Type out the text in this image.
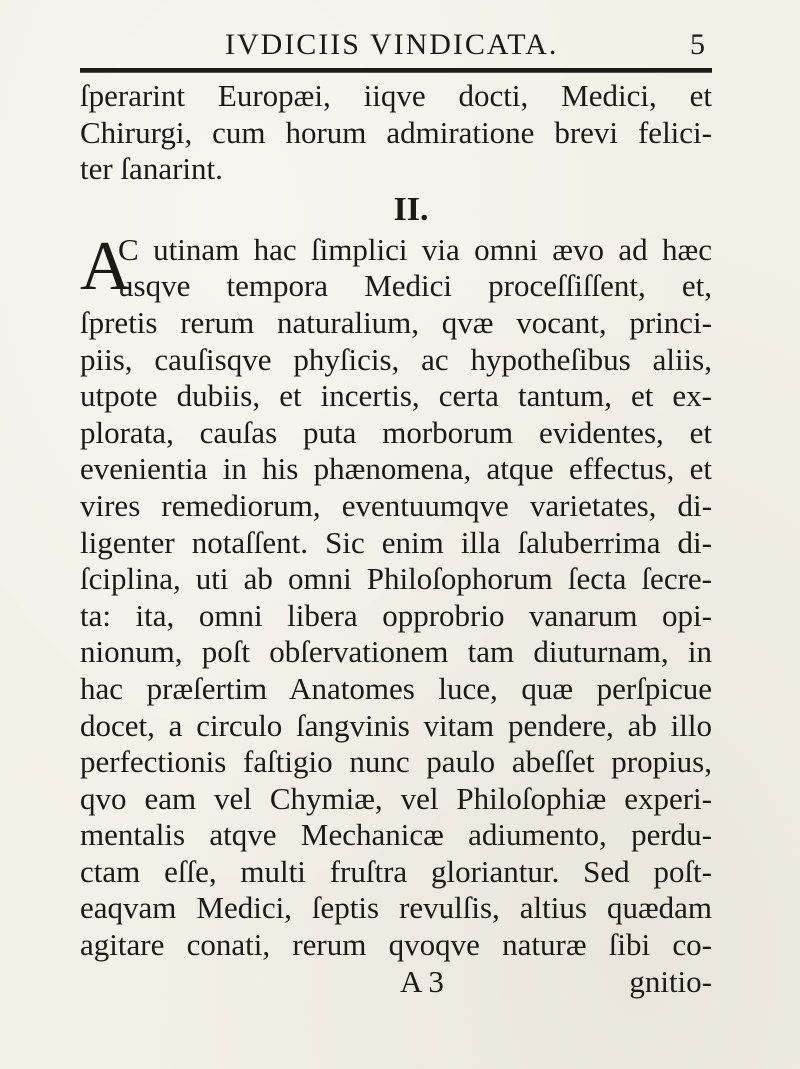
IVDICIIS VINDICATA.	5
ſperarint Europæi, iiqve docti, Medici, et
Chirurgi, cum horum admiratione brevi felici-
ter ſanarint.
II.
A
C utinam hac ſimplici via omni ævo ad hæc
usqve tempora Medici proceſſiſſent, et,
ſpretis rerum naturalium, qvæ vocant, princi-
piis, cauſisqve phyſicis, ac hypotheſibus aliis,
utpote dubiis, et incertis, certa tantum, et ex-
plorata, cauſas puta morborum evidentes, et
evenientia in his phænomena, atque effectus, et
vires remediorum, eventuumqve varietates, di-
ligenter notaſſent. Sic enim illa ſaluberrima di-
ſciplina, uti ab omni Philoſophorum ſecta ſecre-
ta: ita, omni libera opprobrio vanarum opi-
nionum, poſt obſervationem tam diuturnam, in
hac præſertim Anatomes luce, quæ perſpicue
docet, a circulo ſangvinis vitam pendere, ab illo
perfectionis faſtigio nunc paulo abeſſet propius,
qvo eam vel Chymiæ, vel Philoſophiæ experi-
mentalis atqve Mechanicæ adiumento, perdu-
ctam eſſe, multi fruſtra gloriantur. Sed poſt-
eaqvam Medici, ſeptis revulſis, altius quædam
agitare conati, rerum qvoqve naturæ ſibi co-
A 3	gnitio-
